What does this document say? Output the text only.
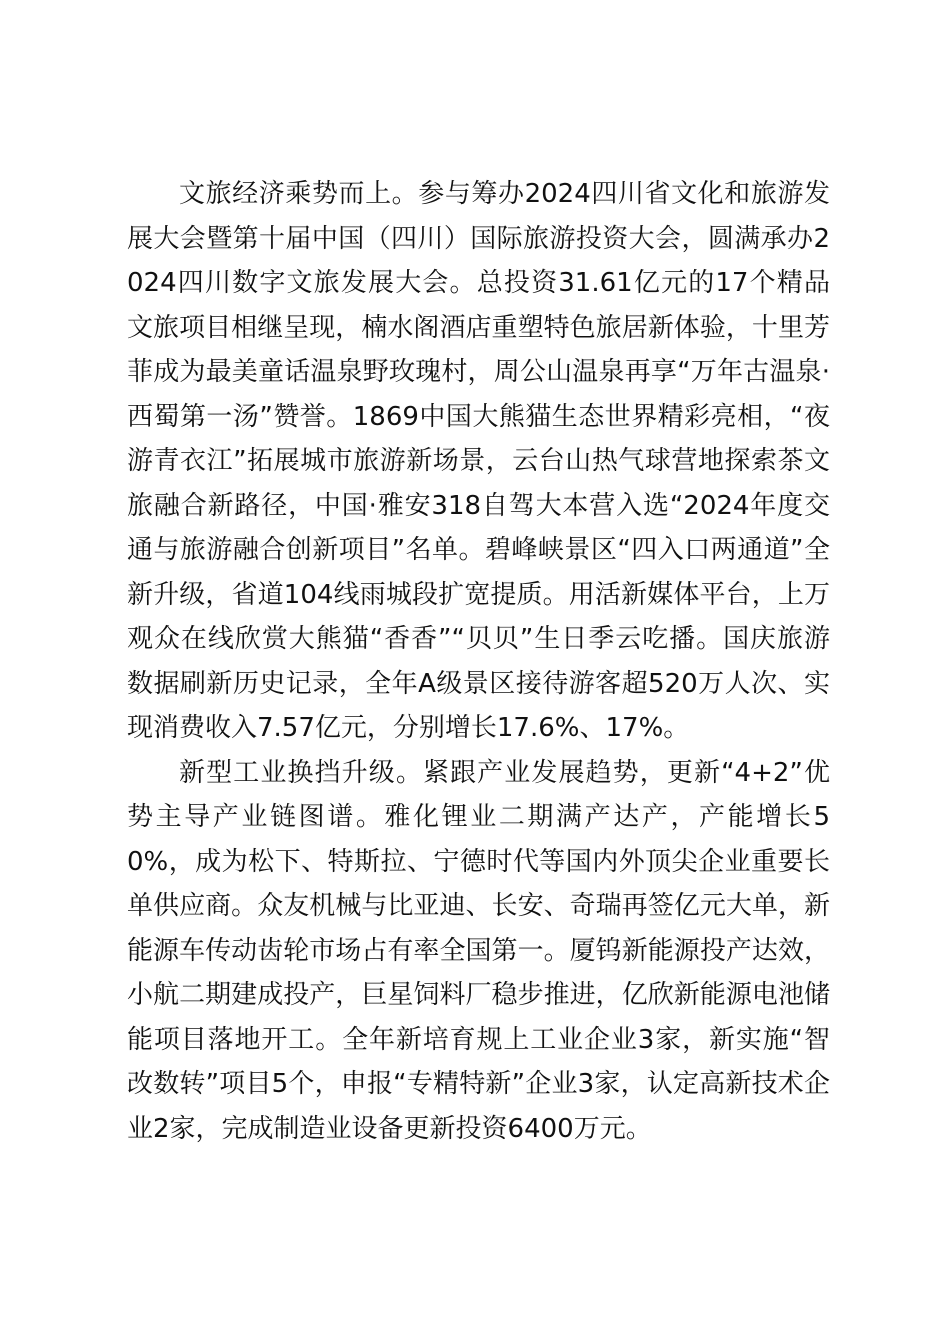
文旅经济乘势而上。参与筹办2024四川省文化和旅游发展大会暨第十届中国（四川）国际旅游投资大会，圆满承办2024四川数字文旅发展大会。总投资31.61亿元的17个精品文旅项目相继呈现，楠水阁酒店重塑特色旅居新体验，十里芳菲成为最美童话温泉野玫瑰村，周公山温泉再享“万年古温泉·西蜀第一汤”赞誉。1869中国大熊猫生态世界精彩亮相，“夜游青衣江”拓展城市旅游新场景，云台山热气球营地探索茶文旅融合新路径，中国·雅安318自驾大本营入选“2024年度交通与旅游融合创新项目”名单。碧峰峡景区“四入口两通道”全新升级，省道104线雨城段扩宽提质。用活新媒体平台，上万观众在线欣赏大熊猫“香香”“贝贝”生日季云吃播。国庆旅游数据刷新历史记录，全年A级景区接待游客超520万人次、实现消费收入7.57亿元，分别增长17.6%、17%。

新型工业换挡升级。紧跟产业发展趋势，更新“4+2”优势主导产业链图谱。雅化锂业二期满产达产，产能增长50%，成为松下、特斯拉、宁德时代等国内外顶尖企业重要长单供应商。众友机械与比亚迪、长安、奇瑞再签亿元大单，新能源车传动齿轮市场占有率全国第一。厦钨新能源投产达效，小航二期建成投产，巨星饲料厂稳步推进，亿欣新能源电池储能项目落地开工。全年新培育规上工业企业3家，新实施“智改数转”项目5个，申报“专精特新”企业3家，认定高新技术企业2家，完成制造业设备更新投资6400万元。
